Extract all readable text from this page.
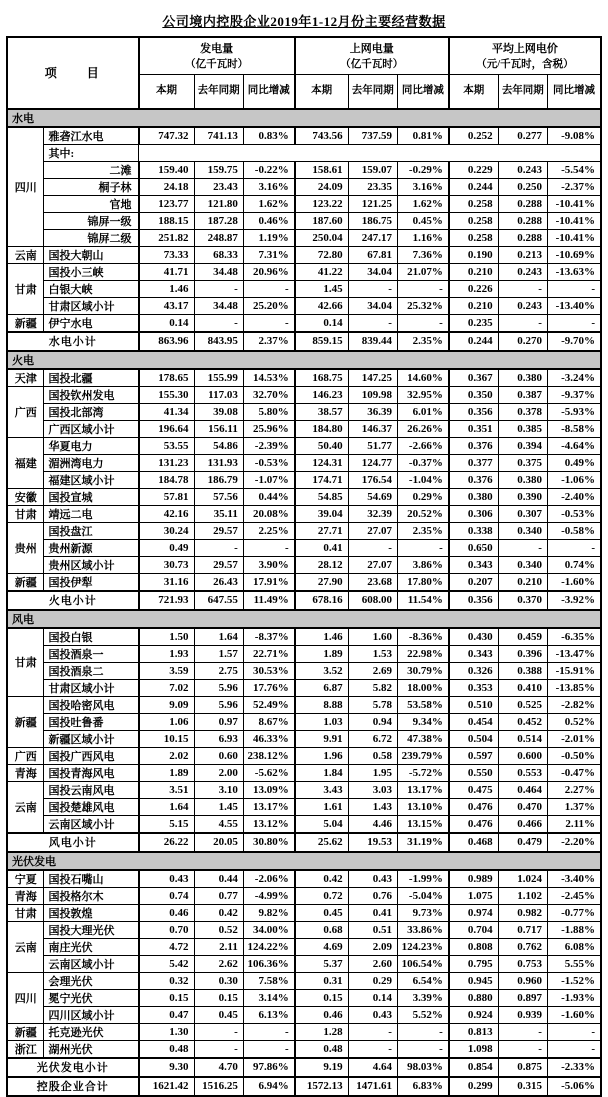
公司境内控股企业2019年1-12月份主要经营数据
项　　目	
发电量
（亿千瓦时）

上网电量
（亿千瓦时）

平均上网电价
（元/千瓦时，含税）

		本期	去年同期	同比增减	本期	去年同期	同比增减	本期	去年同期	同比增减
水电										
四川	雅砻江水电	747.32	741.13	0.83%	743.56	737.59	0.81%	0.252	0.277	-9.08%
	其中:									
	二滩	159.40	159.75	-0.22%	158.61	159.07	-0.29%	0.229	0.243	-5.54%
	桐子林	24.18	23.43	3.16%	24.09	23.35	3.16%	0.244	0.250	-2.37%
	官地	123.77	121.80	1.62%	123.22	121.25	1.62%	0.258	0.288	-10.41%
	锦屏一级	188.15	187.28	0.46%	187.60	186.75	0.45%	0.258	0.288	-10.41%
	锦屏二级	251.82	248.87	1.19%	250.04	247.17	1.16%	0.258	0.288	-10.41%
云南	国投大朝山	73.33	68.33	7.31%	72.80	67.81	7.36%	0.190	0.213	-10.69%
甘肃	国投小三峡	41.71	34.48	20.96%	41.22	34.04	21.07%	0.210	0.243	-13.63%
	白银大峡	1.46	-	-	1.45	-	-	0.226	-	-
	甘肃区域小计	43.17	34.48	25.20%	42.66	34.04	25.32%	0.210	0.243	-13.40%
新疆	伊宁水电	0.14	-	-	0.14	-	-	0.235	-	-
水电小计		863.96	843.95	2.37%	859.15	839.44	2.35%	0.244	0.270	-9.70%
火电										
天津	国投北疆	178.65	155.99	14.53%	168.75	147.25	14.60%	0.367	0.380	-3.24%
广西	国投钦州发电	155.30	117.03	32.70%	146.23	109.98	32.95%	0.350	0.387	-9.37%
	国投北部湾	41.34	39.08	5.80%	38.57	36.39	6.01%	0.356	0.378	-5.93%
	广西区域小计	196.64	156.11	25.96%	184.80	146.37	26.26%	0.351	0.385	-8.58%
福建	华夏电力	53.55	54.86	-2.39%	50.40	51.77	-2.66%	0.376	0.394	-4.64%
	湄洲湾电力	131.23	131.93	-0.53%	124.31	124.77	-0.37%	0.377	0.375	0.49%
	福建区域小计	184.78	186.79	-1.07%	174.71	176.54	-1.04%	0.376	0.380	-1.06%
安徽	国投宣城	57.81	57.56	0.44%	54.85	54.69	0.29%	0.380	0.390	-2.40%
甘肃	靖远二电	42.16	35.11	20.08%	39.04	32.39	20.52%	0.306	0.307	-0.53%
贵州	国投盘江	30.24	29.57	2.25%	27.71	27.07	2.35%	0.338	0.340	-0.58%
	贵州新源	0.49	-	-	0.41	-	-	0.650	-	-
	贵州区域小计	30.73	29.57	3.90%	28.12	27.07	3.86%	0.343	0.340	0.74%
新疆	国投伊犁	31.16	26.43	17.91%	27.90	23.68	17.80%	0.207	0.210	-1.60%
火电小计		721.93	647.55	11.49%	678.16	608.00	11.54%	0.356	0.370	-3.92%
风电										
甘肃	国投白银	1.50	1.64	-8.37%	1.46	1.60	-8.36%	0.430	0.459	-6.35%
	国投酒泉一	1.93	1.57	22.71%	1.89	1.53	22.98%	0.343	0.396	-13.47%
	国投酒泉二	3.59	2.75	30.53%	3.52	2.69	30.79%	0.326	0.388	-15.91%
	甘肃区域小计	7.02	5.96	17.76%	6.87	5.82	18.00%	0.353	0.410	-13.85%
新疆	国投哈密风电	9.09	5.96	52.49%	8.88	5.78	53.58%	0.510	0.525	-2.82%
	国投吐鲁番	1.06	0.97	8.67%	1.03	0.94	9.34%	0.454	0.452	0.52%
	新疆区域小计	10.15	6.93	46.33%	9.91	6.72	47.38%	0.504	0.514	-2.01%
广西	国投广西风电	2.02	0.60	238.12%	1.96	0.58	239.79%	0.597	0.600	-0.50%
青海	国投青海风电	1.89	2.00	-5.62%	1.84	1.95	-5.72%	0.550	0.553	-0.47%
云南	国投云南风电	3.51	3.10	13.09%	3.43	3.03	13.17%	0.475	0.464	2.27%
	国投楚雄风电	1.64	1.45	13.17%	1.61	1.43	13.10%	0.476	0.470	1.37%
	云南区域小计	5.15	4.55	13.12%	5.04	4.46	13.15%	0.476	0.466	2.11%
风电小计		26.22	20.05	30.80%	25.62	19.53	31.19%	0.468	0.479	-2.20%
光伏发电										
宁夏	国投石嘴山	0.43	0.44	-2.06%	0.42	0.43	-1.99%	0.989	1.024	-3.40%
青海	国投格尔木	0.74	0.77	-4.99%	0.72	0.76	-5.04%	1.075	1.102	-2.45%
甘肃	国投敦煌	0.46	0.42	9.82%	0.45	0.41	9.73%	0.974	0.982	-0.77%
云南	国投大理光伏	0.70	0.52	34.00%	0.68	0.51	33.86%	0.704	0.717	-1.88%
	南庄光伏	4.72	2.11	124.22%	4.69	2.09	124.23%	0.808	0.762	6.08%
	云南区域小计	5.42	2.62	106.36%	5.37	2.60	106.54%	0.795	0.753	5.55%
四川	会理光伏	0.32	0.30	7.58%	0.31	0.29	6.54%	0.945	0.960	-1.52%
	冕宁光伏	0.15	0.15	3.14%	0.15	0.14	3.39%	0.880	0.897	-1.93%
	四川区域小计	0.47	0.45	6.13%	0.46	0.43	5.52%	0.924	0.939	-1.60%
新疆	托克逊光伏	1.30	-	-	1.28	-	-	0.813	-	-
浙江	湖州光伏	0.48	-	-	0.48	-	-	1.098	-	-
光伏发电小计		9.30	4.70	97.86%	9.19	4.64	98.03%	0.854	0.875	-2.33%
控股企业合计		1621.42	1516.25	6.94%	1572.13	1471.61	6.83%	0.299	0.315	-5.06%
